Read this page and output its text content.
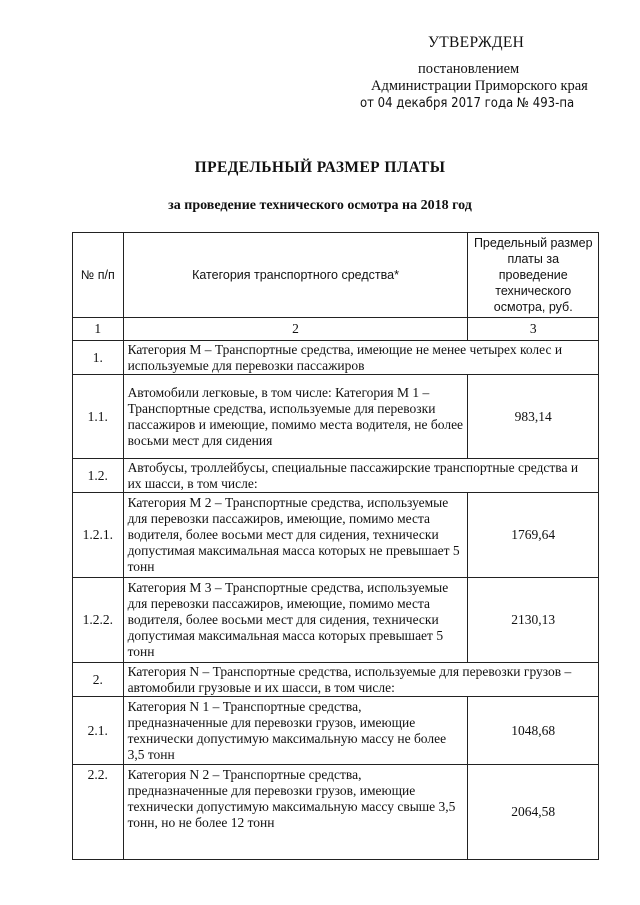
УТВЕРЖДЕН
постановлением
Администрации Приморского края
от 04 декабря 2017 года № 493-па
ПРЕДЕЛЬНЫЙ РАЗМЕР ПЛАТЫ
за проведение технического осмотра на 2018 год
№ п/п	Категория транспортного средства*	Предельный размер платы за проведение технического осмотра, руб.
1	2	3
1.	Категория М – Транспортные средства, имеющие не менее четырех колес и используемые для перевозки пассажиров	
1.1.	Автомобили легковые, в том числе: Категория М 1 – Транспортные средства, используемые для перевозки пассажиров и имеющие, помимо места водителя, не более восьми мест для сидения	983,14
1.2.	Автобусы, троллейбусы, специальные пассажирские транспортные средства и их шасси, в том числе:	
1.2.1.	Категория М 2 – Транспортные средства, используемые для перевозки пассажиров, имеющие, помимо места водителя, более восьми мест для сидения, технически допустимая максимальная масса которых не превышает 5 тонн	1769,64
1.2.2.	Категория М 3 – Транспортные средства, используемые для перевозки пассажиров, имеющие, помимо места водителя, более восьми мест для сидения, технически допустимая максимальная масса которых превышает 5 тонн	2130,13
2.	Категория N – Транспортные средства, используемые для перевозки грузов – автомобили грузовые и их шасси, в том числе:	
2.1.	Категория N 1 – Транспортные средства, предназначенные для перевозки грузов, имеющие технически допустимую максимальную массу не более 3,5 тонн	1048,68
2.2.	Категория N 2 – Транспортные средства, предназначенные для перевозки грузов, имеющие технически допустимую максимальную массу свыше 3,5 тонн, но не более 12 тонн	2064,58
